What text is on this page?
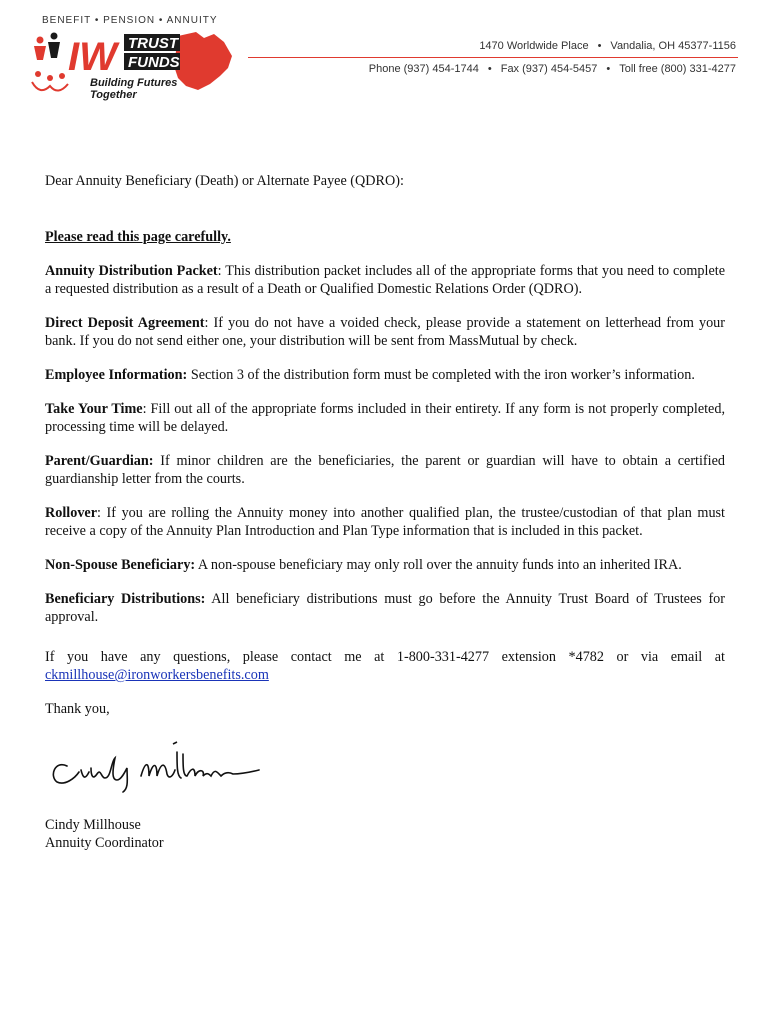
BENEFIT • PENSION • ANNUITY
IW TRUST
FUNDS
Building Futures
Together
1470 Worldwide Place • Vandalia, OH 45377-1156
Phone (937) 454-1744 • Fax (937) 454-5457 • Toll free (800) 331-4277

Dear Annuity Beneficiary (Death) or Alternate Payee (QDRO):

Please read this page carefully.

Annuity Distribution Packet: This distribution packet includes all of the appropriate forms that you need to complete a requested distribution as a result of a Death or Qualified Domestic Relations Order (QDRO).

Direct Deposit Agreement: If you do not have a voided check, please provide a statement on letterhead from your bank. If you do not send either one, your distribution will be sent from MassMutual by check.

Employee Information: Section 3 of the distribution form must be completed with the iron worker’s information.

Take Your Time: Fill out all of the appropriate forms included in their entirety. If any form is not properly completed, processing time will be delayed.

Parent/Guardian: If minor children are the beneficiaries, the parent or guardian will have to obtain a certified guardianship letter from the courts.

Rollover: If you are rolling the Annuity money into another qualified plan, the trustee/custodian of that plan must receive a copy of the Annuity Plan Introduction and Plan Type information that is included in this packet.

Non-Spouse Beneficiary: A non-spouse beneficiary may only roll over the annuity funds into an inherited IRA.

Beneficiary Distributions: All beneficiary distributions must go before the Annuity Trust Board of Trustees for approval.

If you have any questions, please contact me at 1-800-331-4277 extension *4782 or via email at ckmillhouse@ironworkersbenefits.com

Thank you,

Cindy Millhouse

Annuity Coordinator
